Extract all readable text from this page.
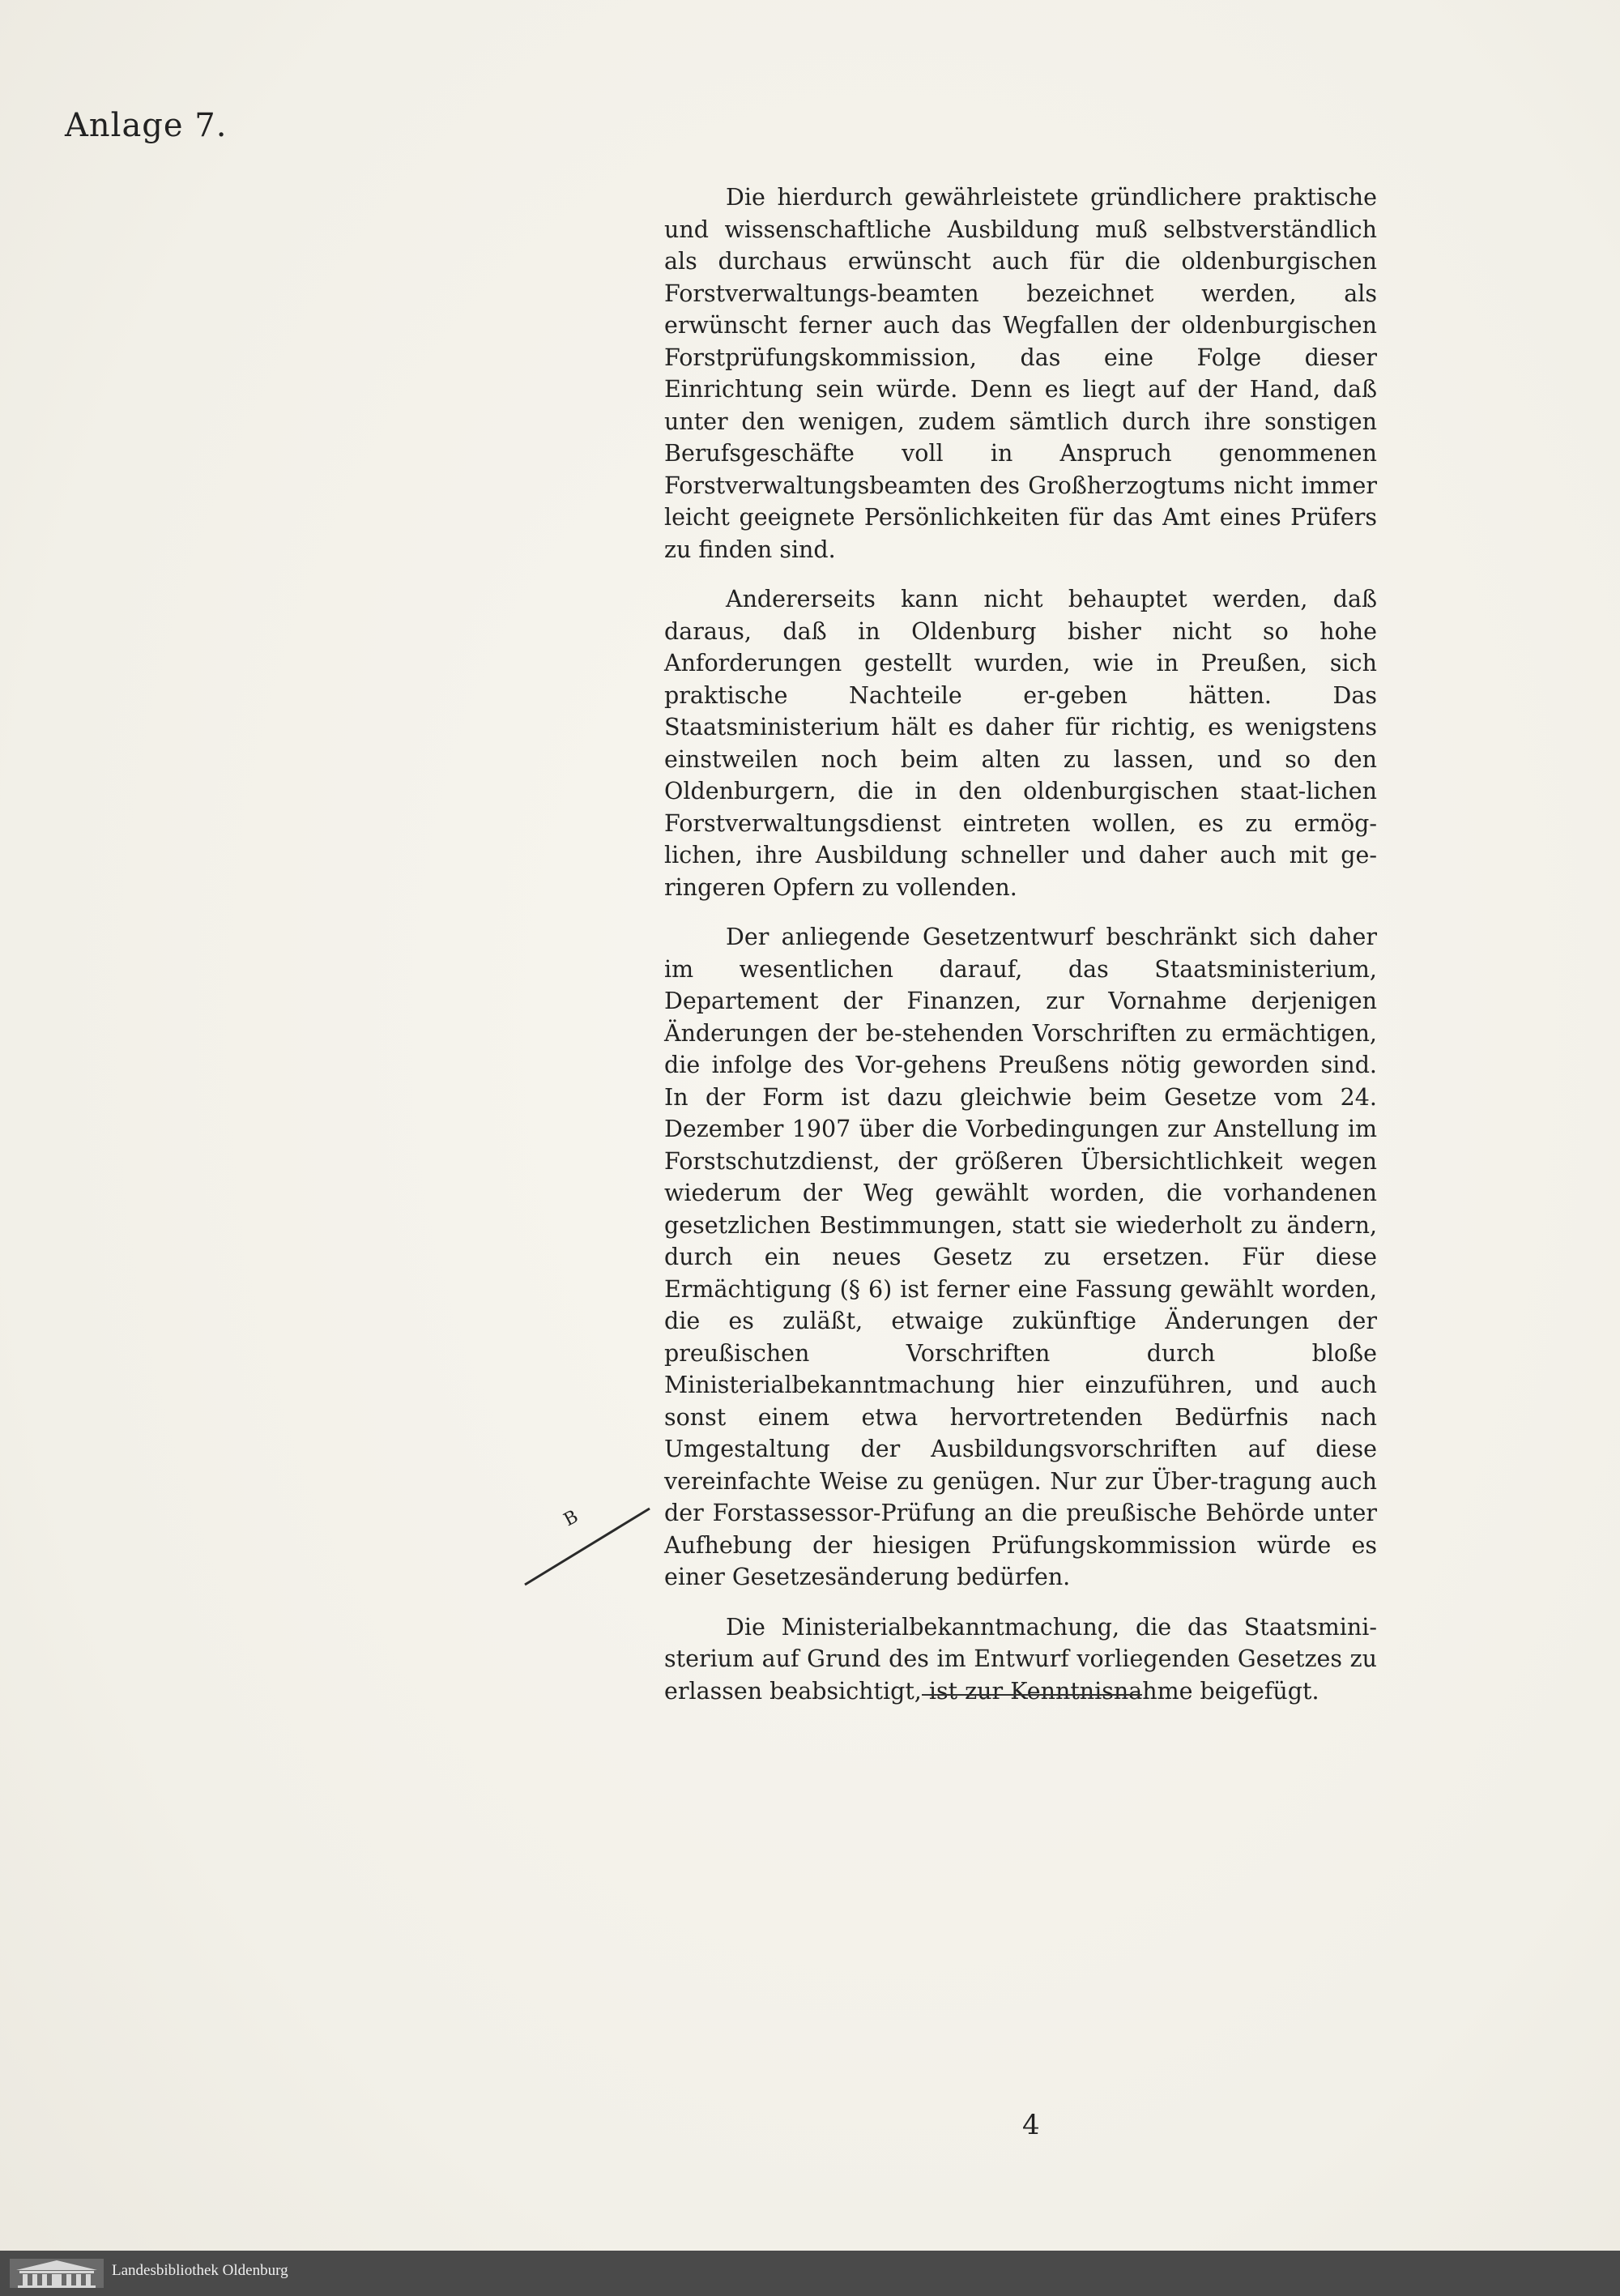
Anlage 7.

Die hierdurch gewährleistete gründlichere praktische und wissenschaftliche Ausbildung muß selbstverständlich als durchaus erwünscht auch für die oldenburgischen Forstverwaltungs-beamten bezeichnet werden, als erwünscht ferner auch das Wegfallen der oldenburgischen Forstprüfungskommission, das eine Folge dieser Einrichtung sein würde. Denn es liegt auf der Hand, daß unter den wenigen, zudem sämtlich durch ihre sonstigen Berufsgeschäfte voll in Anspruch genommenen Forstverwaltungsbeamten des Großherzogtums nicht immer leicht geeignete Persönlichkeiten für das Amt eines Prüfers zu finden sind.

Andererseits kann nicht behauptet werden, daß daraus, daß in Oldenburg bisher nicht so hohe Anforderungen gestellt wurden, wie in Preußen, sich praktische Nachteile er-geben hätten. Das Staatsministerium hält es daher für richtig, es wenigstens einstweilen noch beim alten zu lassen, und so den Oldenburgern, die in den oldenburgischen staat-lichen Forstverwaltungsdienst eintreten wollen, es zu ermög-lichen, ihre Ausbildung schneller und daher auch mit ge-ringeren Opfern zu vollenden.

Der anliegende Gesetzentwurf beschränkt sich daher im wesentlichen darauf, das Staatsministerium, Departement der Finanzen, zur Vornahme derjenigen Änderungen der be-stehenden Vorschriften zu ermächtigen, die infolge des Vor-gehens Preußens nötig geworden sind. In der Form ist dazu gleichwie beim Gesetze vom 24. Dezember 1907 über die Vorbedingungen zur Anstellung im Forstschutzdienst, der größeren Übersichtlichkeit wegen wiederum der Weg gewählt worden, die vorhandenen gesetzlichen Bestimmungen, statt sie wiederholt zu ändern, durch ein neues Gesetz zu ersetzen. Für diese Ermächtigung (§ 6) ist ferner eine Fassung gewählt worden, die es zuläßt, etwaige zukünftige Änderungen der preußischen Vorschriften durch bloße Ministerialbekanntmachung hier einzuführen, und auch sonst einem etwa hervortretenden Bedürfnis nach Umgestaltung der Ausbildungsvorschriften auf diese vereinfachte Weise zu genügen. Nur zur Über-tragung auch der Forstassessor-Prüfung an die preußische Behörde unter Aufhebung der hiesigen Prüfungskommission würde es einer Gesetzesänderung bedürfen.

Die Ministerialbekanntmachung, die das Staatsmini-sterium auf Grund des im Entwurf vorliegenden Gesetzes zu erlassen beabsichtigt, ist zur Kenntnisnahme beigefügt.

B
4
Landesbibliothek Oldenburg
